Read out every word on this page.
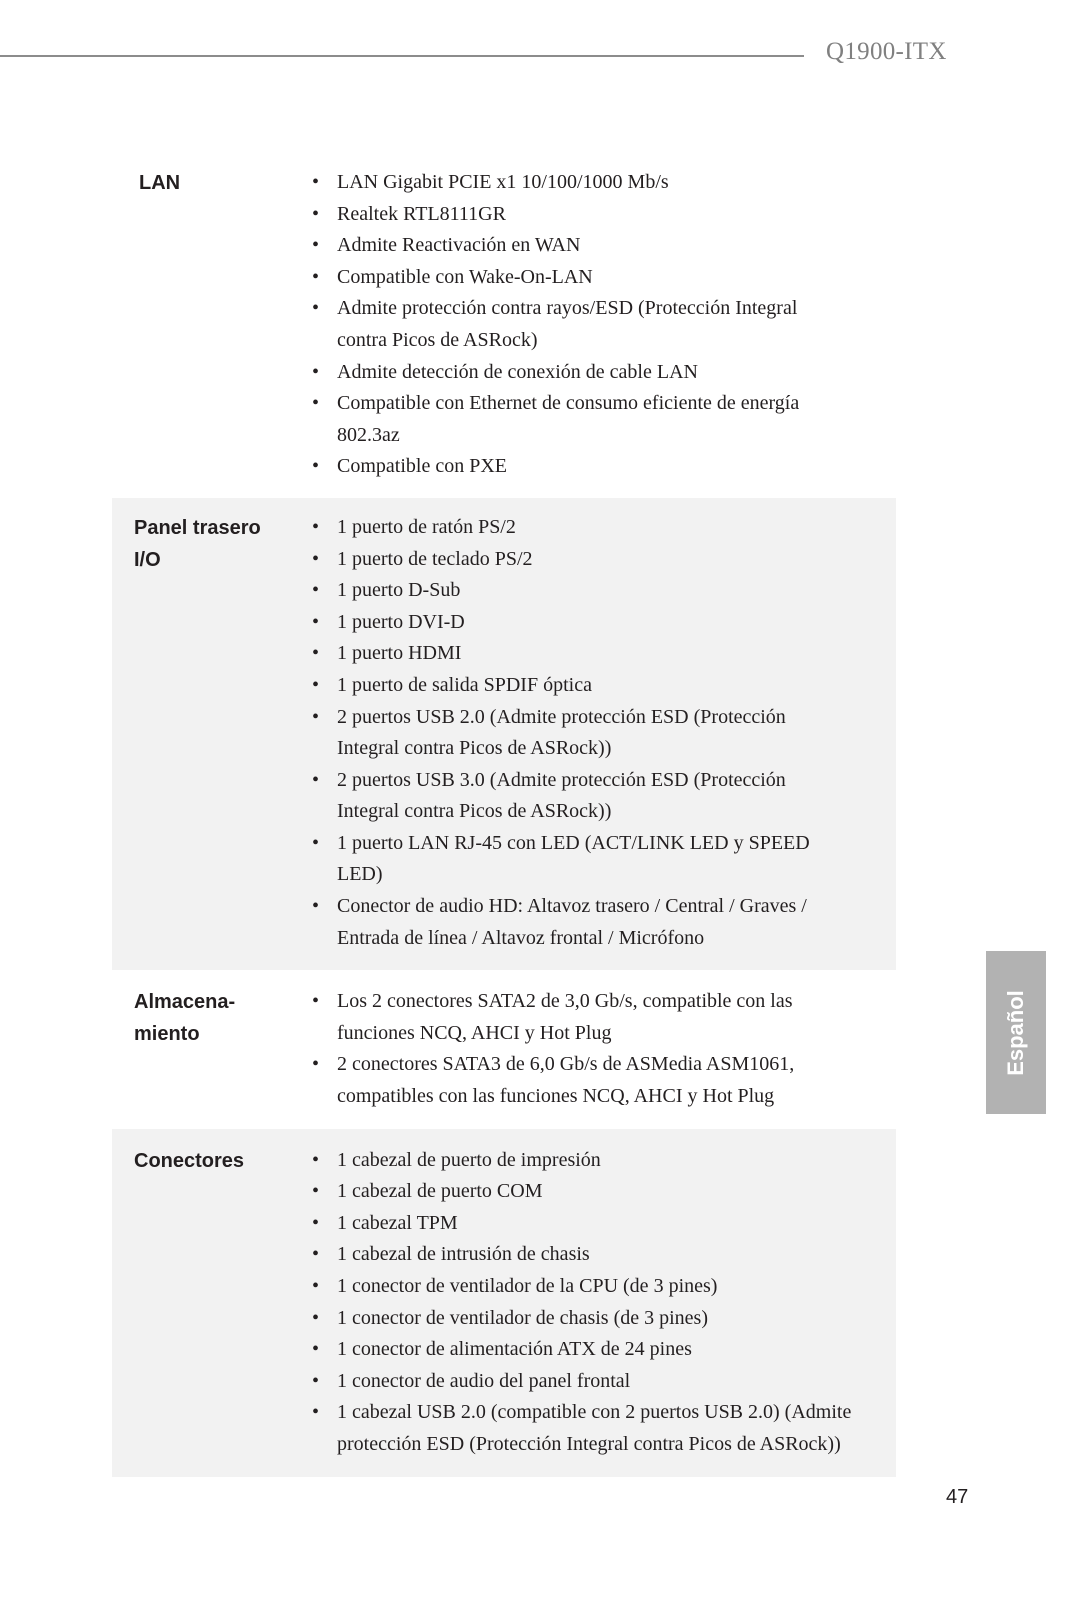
Q1900-ITX
LAN	• LAN Gigabit PCIE x1 10/100/1000 Mb/s
• Realtek RTL8111GR
• Admite Reactivación en WAN
• Compatible con Wake-On-LAN
• Admite protección contra rayos/ESD (Protección Integral contra Picos de ASRock)
• Admite detección de conexión de cable LAN
• Compatible con Ethernet de consumo eficiente de energía 802.3az
• Compatible con PXE
Panel trasero
I/O
• 1 puerto de ratón PS/2
• 1 puerto de teclado PS/2
• 1 puerto D-Sub
• 1 puerto DVI-D
• 1 puerto HDMI
• 1 puerto de salida SPDIF óptica
• 2 puertos USB 2.0 (Admite protección ESD (Protección Integral contra Picos de ASRock))
• 2 puertos USB 3.0 (Admite protección ESD (Protección Integral contra Picos de ASRock))
• 1 puerto LAN RJ-45 con LED (ACT/LINK LED y SPEED LED)
• Conector de audio HD: Altavoz trasero / Central / Graves / Entrada de línea / Altavoz frontal / Micrófono
Almacena-
miento
• Los 2 conectores SATA2 de 3,0 Gb/s, compatible con las funciones NCQ, AHCI y Hot Plug
• 2 conectores SATA3 de 6,0 Gb/s de ASMedia ASM1061, compatibles con las funciones NCQ, AHCI y Hot Plug
Conectores	• 1 cabezal de puerto de impresión
• 1 cabezal de puerto COM
• 1 cabezal TPM
• 1 cabezal de intrusión de chasis
• 1 conector de ventilador de la CPU (de 3 pines)
• 1 conector de ventilador de chasis (de 3 pines)
• 1 conector de alimentación ATX de 24 pines
• 1 conector de audio del panel frontal
• 1 cabezal USB 2.0 (compatible con 2 puertos USB 2.0) (Admite protección ESD (Protección Integral contra Picos de ASRock))
Español
47
